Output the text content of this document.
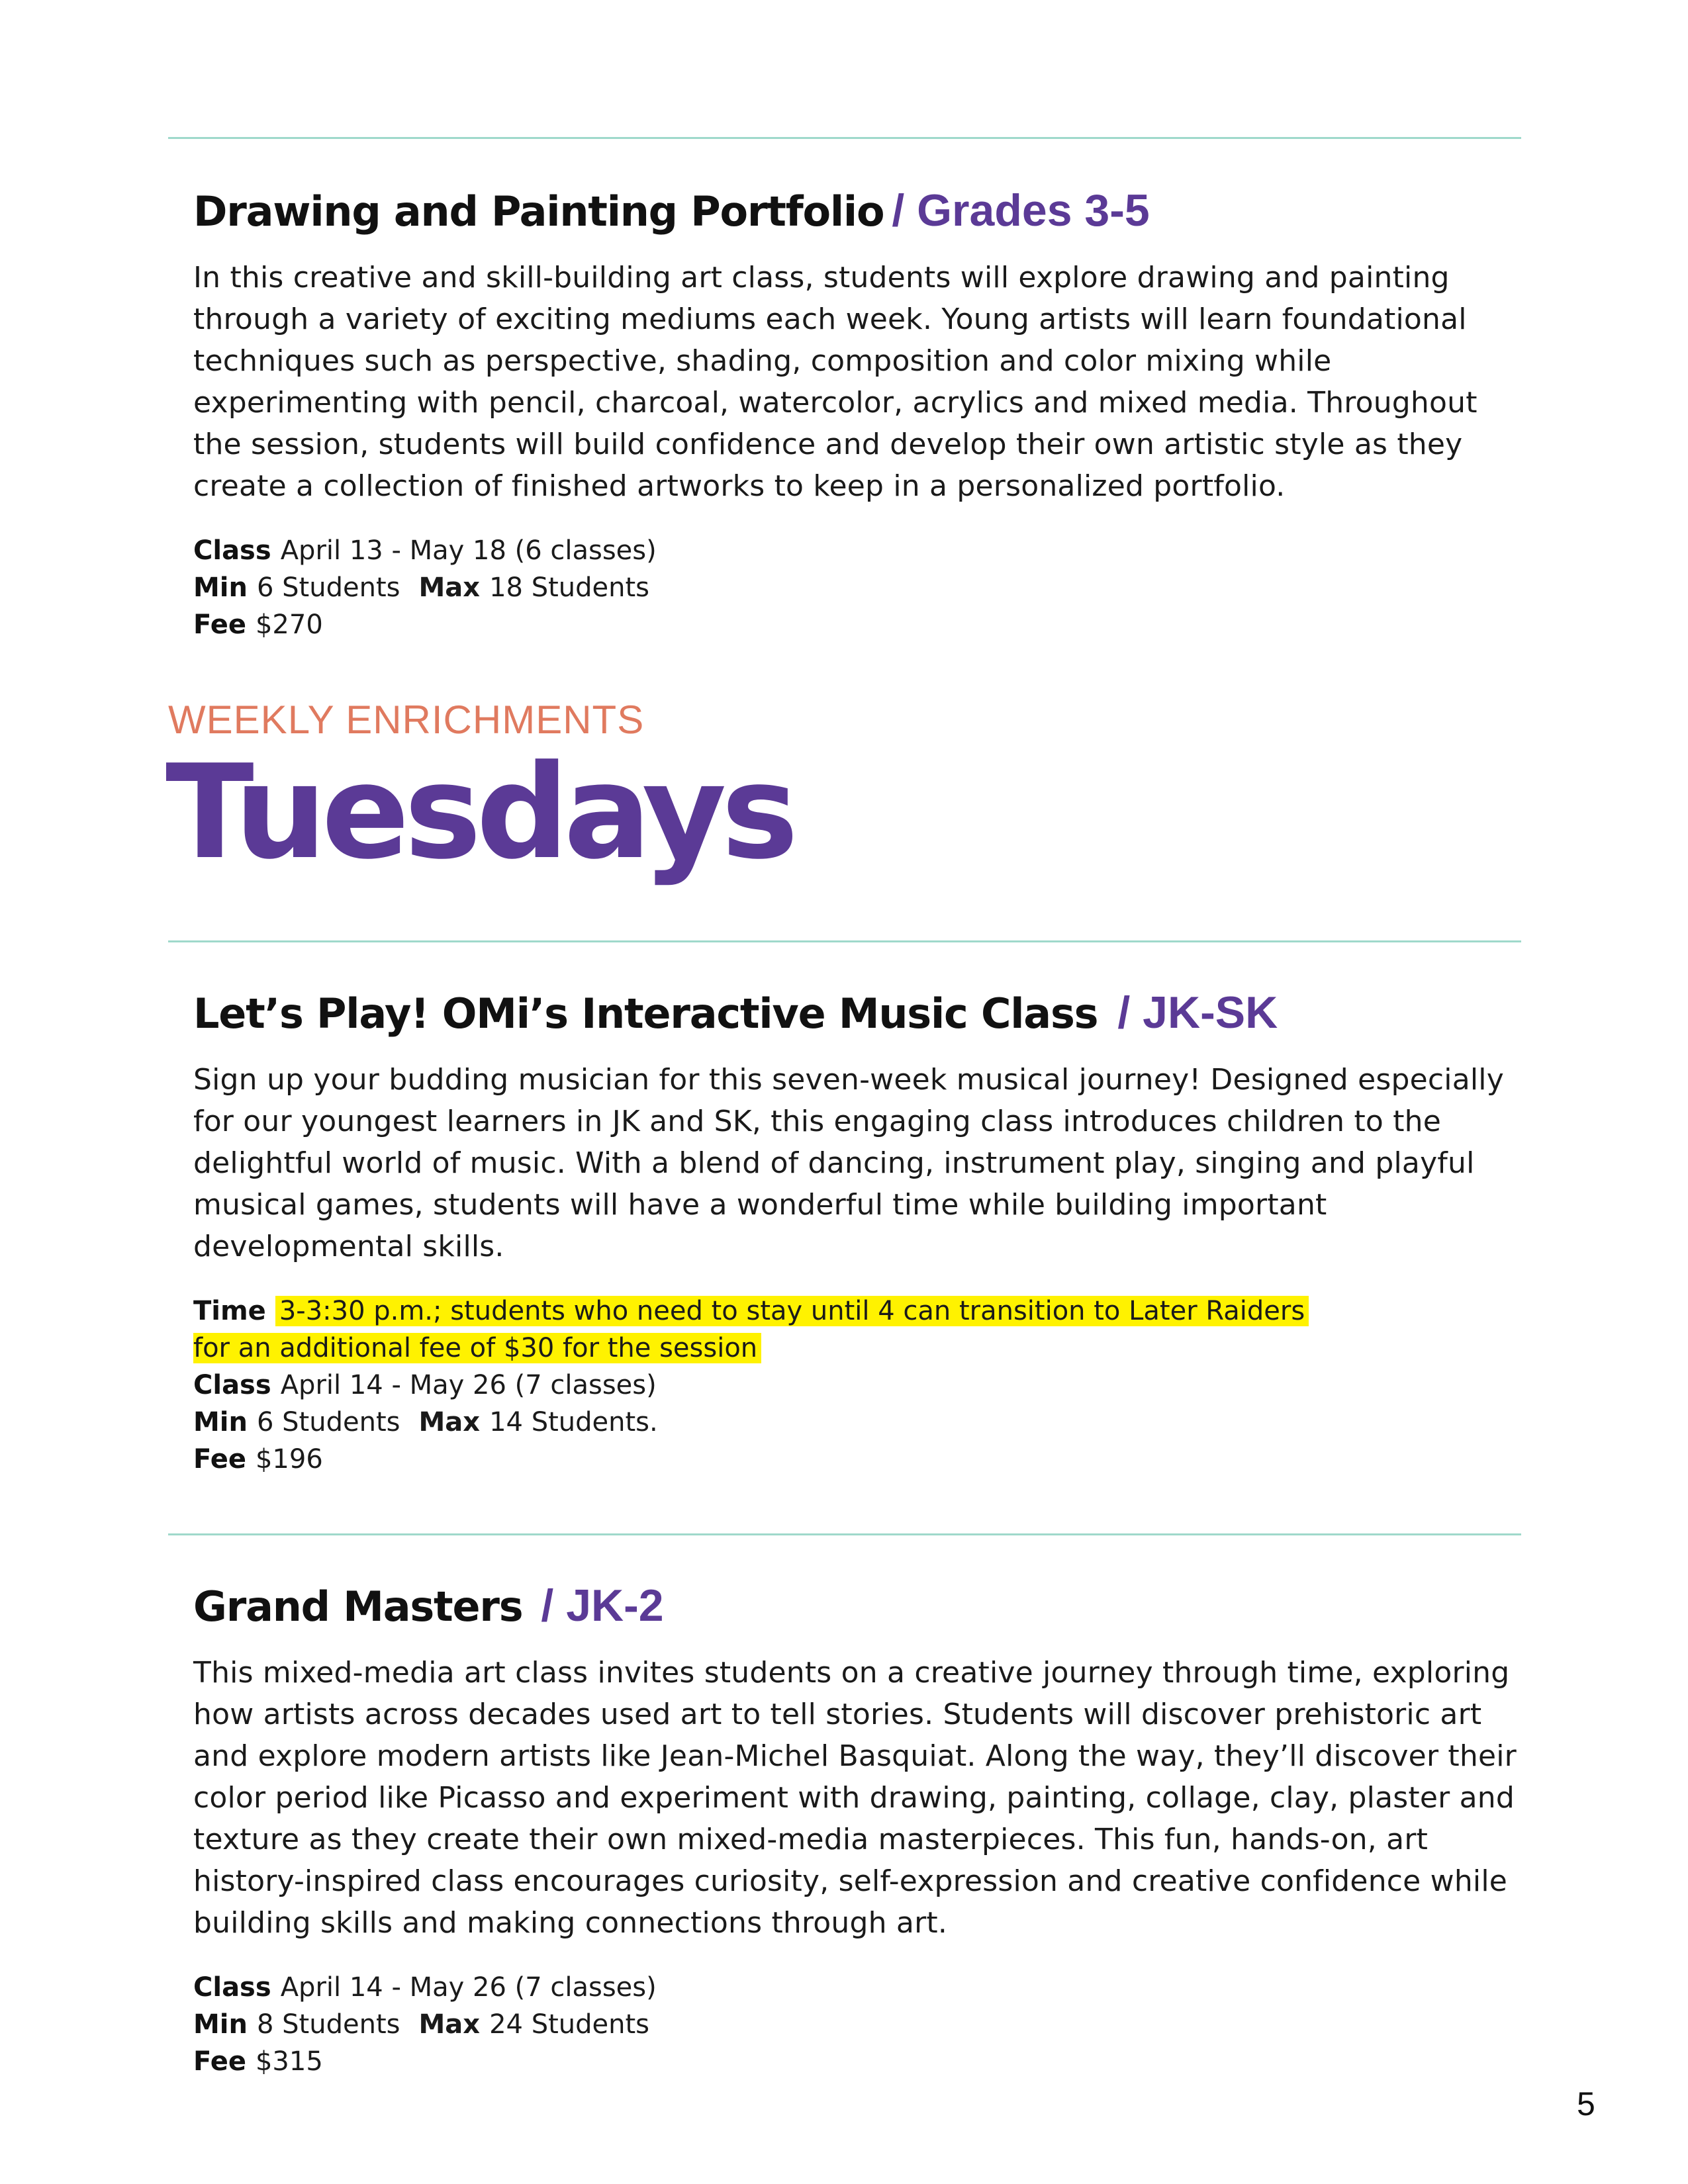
Drawing and Painting Portfolio / Grades 3-5

In this creative and skill-building art class, students will explore drawing and painting through a variety of exciting mediums each week. Young artists will learn foundational techniques such as perspective, shading, composition and color mixing while experimenting with pencil, charcoal, watercolor, acrylics and mixed media. Throughout the session, students will build confidence and develop their own artistic style as they create a collection of finished artworks to keep in a personalized portfolio.

Class April 13 - May 18 (6 classes)
Min 6 Students Max 18 Students
Fee $270
WEEKLY ENRICHMENTS
Tuesdays
Let’s Play! OMi’s Interactive Music Class / JK-SK

Sign up your budding musician for this seven-week musical journey! Designed especially for our youngest learners in JK and SK, this engaging class introduces children to the delightful world of music. With a blend of dancing, instrument play, singing and playful musical games, students will have a wonderful time while building important developmental skills.

Time 3-3:30 p.m.; students who need to stay until 4 can transition to Later Raiders
for an additional fee of $30 for the session
Class April 14 - May 26 (7 classes)
Min 6 Students Max 14 Students.
Fee $196
Grand Masters / JK-2

This mixed-media art class invites students on a creative journey through time, exploring how artists across decades used art to tell stories. Students will discover prehistoric art and explore modern artists like Jean-Michel Basquiat. Along the way, they’ll discover their color period like Picasso and experiment with drawing, painting, collage, clay, plaster and texture as they create their own mixed-media masterpieces. This fun, hands-on, art history-inspired class encourages curiosity, self-expression and creative confidence while building skills and making connections through art.

Class April 14 - May 26 (7 classes)
Min 8 Students Max 24 Students
Fee $315
5
